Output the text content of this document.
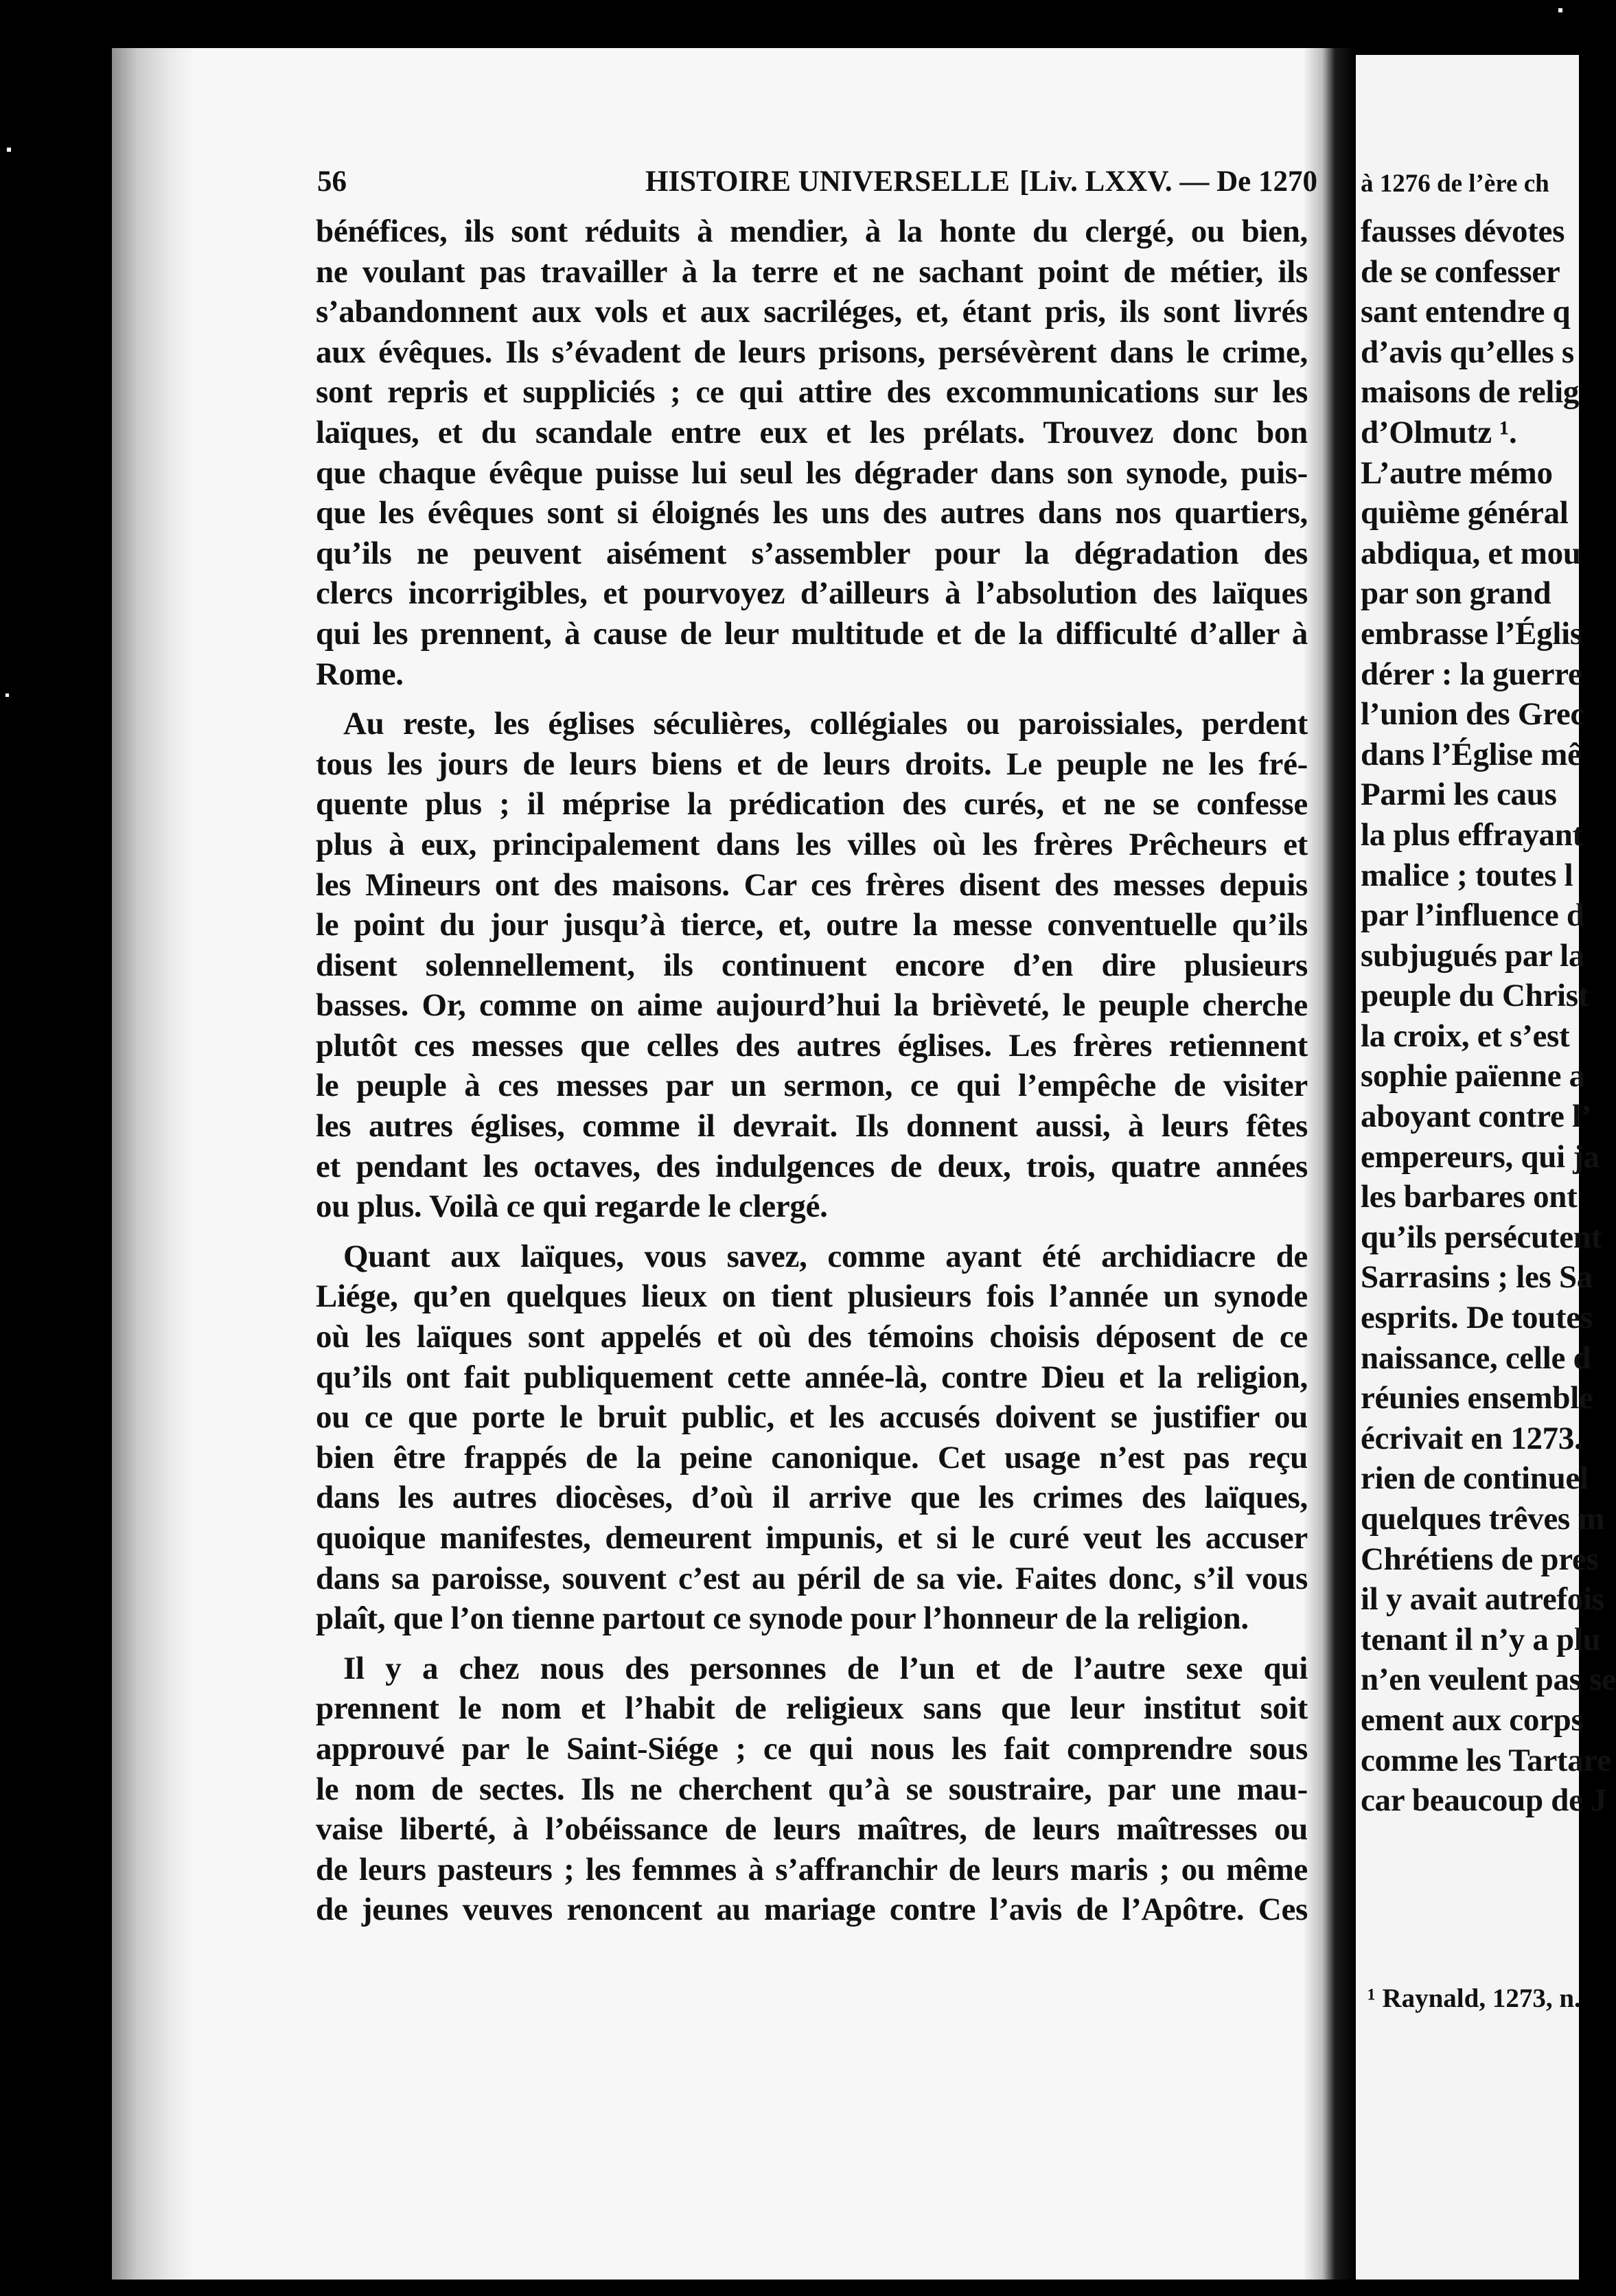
56	HISTOIRE UNIVERSELLE [Liv. LXXV. — De 1270
bénéfices, ils sont réduits à mendier, à la honte du clergé, ou bien,
ne voulant pas travailler à la terre et ne sachant point de métier, ils
s’abandonnent aux vols et aux sacriléges, et, étant pris, ils sont livrés
aux évêques. Ils s’évadent de leurs prisons, persévèrent dans le crime,
sont repris et suppliciés ; ce qui attire des excommunications sur les
laïques, et du scandale entre eux et les prélats. Trouvez donc bon
que chaque évêque puisse lui seul les dégrader dans son synode, puis-
que les évêques sont si éloignés les uns des autres dans nos quartiers,
qu’ils ne peuvent aisément s’assembler pour la dégradation des
clercs incorrigibles, et pourvoyez d’ailleurs à l’absolution des laïques
qui les prennent, à cause de leur multitude et de la difficulté d’aller à
Rome.
Au reste, les églises séculières, collégiales ou paroissiales, perdent
tous les jours de leurs biens et de leurs droits. Le peuple ne les fré-
quente plus ; il méprise la prédication des curés, et ne se confesse
plus à eux, principalement dans les villes où les frères Prêcheurs et
les Mineurs ont des maisons. Car ces frères disent des messes depuis
le point du jour jusqu’à tierce, et, outre la messe conventuelle qu’ils
disent solennellement, ils continuent encore d’en dire plusieurs
basses. Or, comme on aime aujourd’hui la brièveté, le peuple cherche
plutôt ces messes que celles des autres églises. Les frères retiennent
le peuple à ces messes par un sermon, ce qui l’empêche de visiter
les autres églises, comme il devrait. Ils donnent aussi, à leurs fêtes
et pendant les octaves, des indulgences de deux, trois, quatre années
ou plus. Voilà ce qui regarde le clergé.
Quant aux laïques, vous savez, comme ayant été archidiacre de
Liége, qu’en quelques lieux on tient plusieurs fois l’année un synode
où les laïques sont appelés et où des témoins choisis déposent de ce
qu’ils ont fait publiquement cette année-là, contre Dieu et la religion,
ou ce que porte le bruit public, et les accusés doivent se justifier ou
bien être frappés de la peine canonique. Cet usage n’est pas reçu
dans les autres diocèses, d’où il arrive que les crimes des laïques,
quoique manifestes, demeurent impunis, et si le curé veut les accuser
dans sa paroisse, souvent c’est au péril de sa vie. Faites donc, s’il vous
plaît, que l’on tienne partout ce synode pour l’honneur de la religion.
Il y a chez nous des personnes de l’un et de l’autre sexe qui
prennent le nom et l’habit de religieux sans que leur institut soit
approuvé par le Saint-Siége ; ce qui nous les fait comprendre sous
le nom de sectes. Ils ne cherchent qu’à se soustraire, par une mau-
vaise liberté, à l’obéissance de leurs maîtres, de leurs maîtresses ou
de leurs pasteurs ; les femmes à s’affranchir de leurs maris ; ou même
de jeunes veuves renoncent au mariage contre l’avis de l’Apôtre. Ces
à 1276 de l’ère ch
fausses dévotes
de se confesser
sant entendre q
d’avis qu’elles s
maisons de relig
d’Olmutz ¹.
L’autre mémo
quième général
abdiqua, et mou
par son grand
embrasse l’Églis
dérer : la guerre
l’union des Grec
dans l’Église mê
Parmi les caus
la plus effrayant
malice ; toutes l
par l’influence d
subjugués par la
peuple du Christ
la croix, et s’est
sophie païenne a
aboyant contre l’
empereurs, qui ja
les barbares ont
qu’ils persécutent
Sarrasins ; les Sa
esprits. De toutes
naissance, celle d
réunies ensemble
écrivait en 1273.
rien de continuel
quelques trêves m
Chrétiens de pres
il y avait autrefois
tenant il n’y a plu
n’en veulent pas se
ement aux corps
comme les Tartare
car beaucoup de J
¹ Raynald, 1273, n.
